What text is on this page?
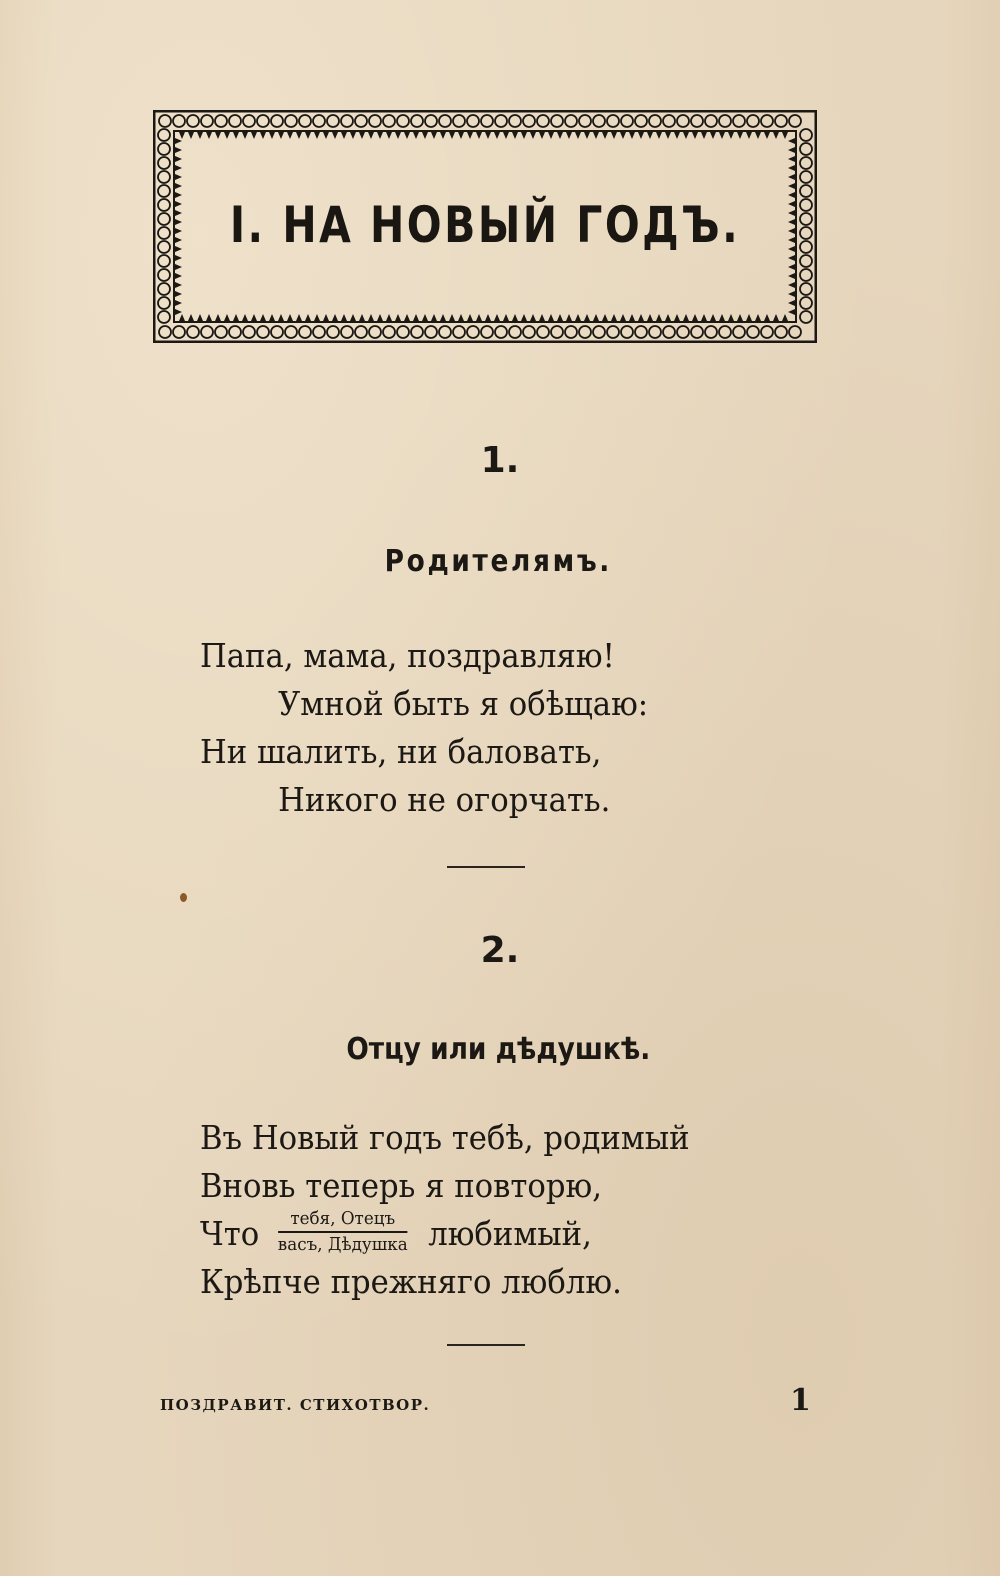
I. НА НОВЫЙ ГОДЪ.
1.
Родителямъ.
Папа, мама, поздравляю!
Умной быть я обѣщаю:
Ни шалить, ни баловать,
Никого не огорчать.
2.
Отцу или дѣдушкѣ.
Въ Новый годъ тебѣ, родимый
Вновь теперь я повторю,
Что $\frac{\text{тебя, Отецъ}}{\text{васъ, Дѣдушка}}$ любимый,
Крѣпче прежняго люблю.
ПОЗДРАВИТ. СТИХОТВОР.	1
